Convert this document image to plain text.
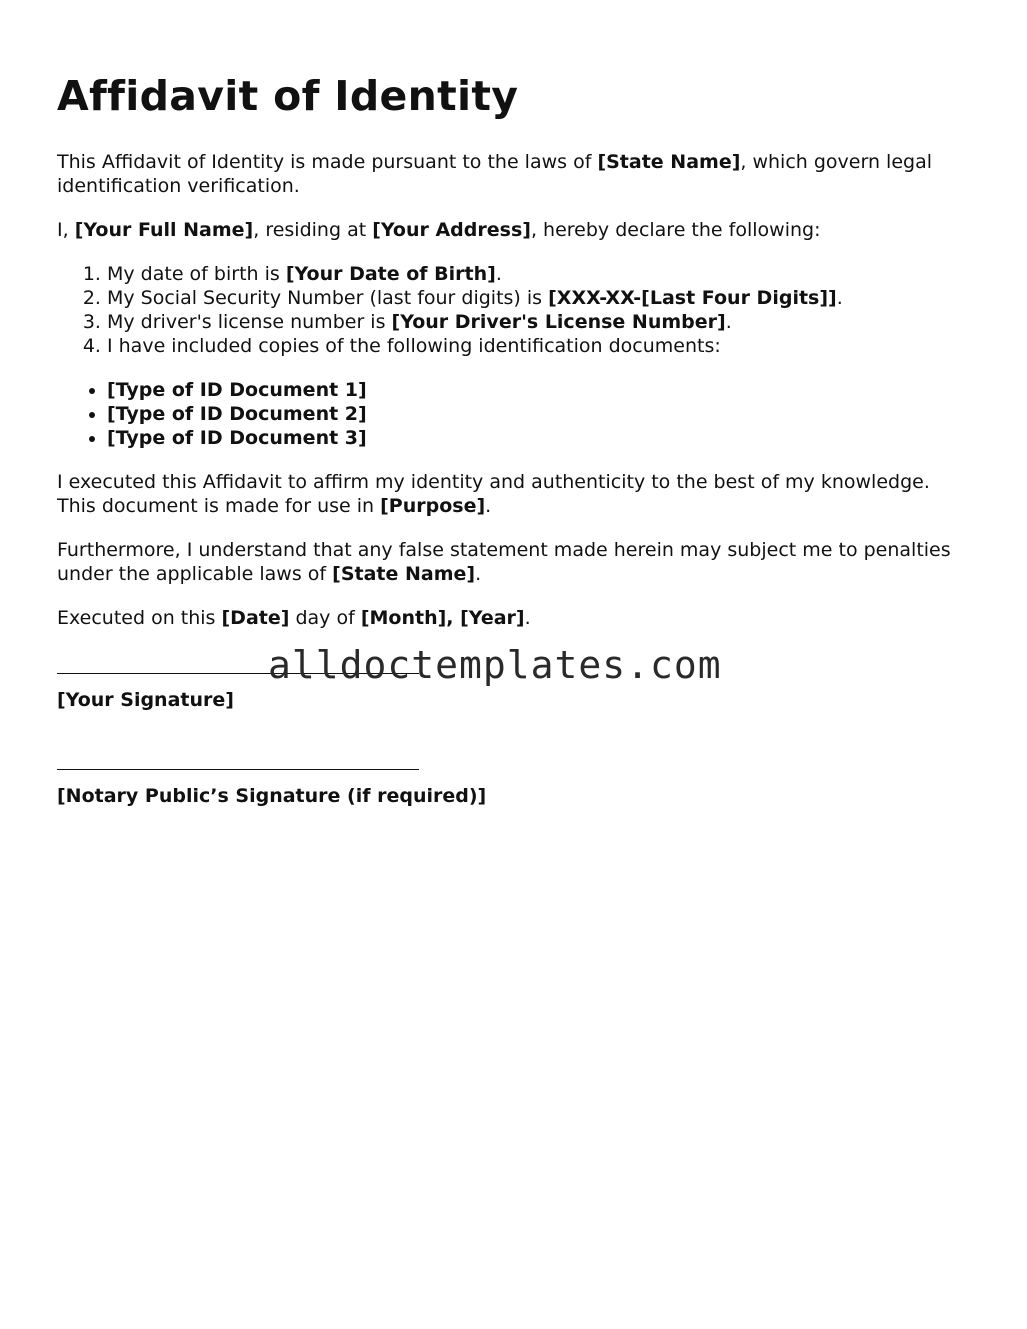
Affidavit of Identity

This Affidavit of Identity is made pursuant to the laws of [State Name], which govern legal identification verification.

I, [Your Full Name], residing at [Your Address], hereby declare the following:

1. My date of birth is [Your Date of Birth].
2. My Social Security Number (last four digits) is [XXX-XX-[Last Four Digits]].
3. My driver's license number is [Your Driver's License Number].
4. I have included copies of the following identification documents:
• [Type of ID Document 1]
• [Type of ID Document 2]
• [Type of ID Document 3]

I executed this Affidavit to affirm my identity and authenticity to the best of my knowledge. This document is made for use in [Purpose].

Furthermore, I understand that any false statement made herein may subject me to penalties under the applicable laws of [State Name].

Executed on this [Date] day of [Month], [Year].

[Your Signature]
[Notary Public’s Signature (if required)]
alldoctemplates.com
